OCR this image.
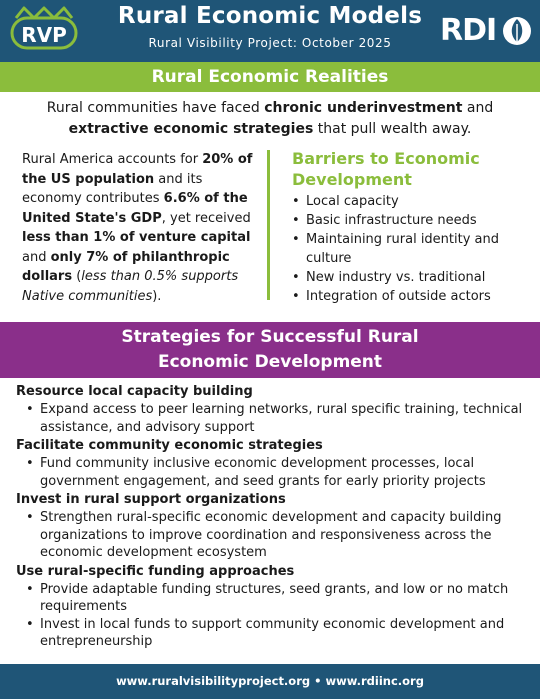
RVP
Rural Economic Models
Rural Visibility Project: October 2025	RDI
Rural Economic Realities

Rural communities have faced chronic underinvestment and extractive economic strategies that pull wealth away.

Rural America accounts for 20% of the US population and its economy contributes 6.6% of the United State's GDP, yet received less than 1% of venture capital and only 7% of philanthropic dollars (less than 0.5% supports Native communities).

Barriers to Economic Development
• Local capacity
• Basic infrastructure needs
• Maintaining rural identity and culture
• New industry vs. traditional
• Integration of outside actors
Strategies for Successful Rural
Economic Development
Resource local capacity building
• Expand access to peer learning networks, rural specific training, technical assistance, and advisory support
Facilitate community economic strategies
• Fund community inclusive economic development processes, local government engagement, and seed grants for early priority projects
Invest in rural support organizations
• Strengthen rural-specific economic development and capacity building organizations to improve coordination and responsiveness across the economic development ecosystem
Use rural-specific funding approaches
• Provide adaptable funding structures, seed grants, and low or no match requirements
• Invest in local funds to support community economic development and entrepreneurship
www.ruralvisibilityproject.org • www.rdiinc.org
